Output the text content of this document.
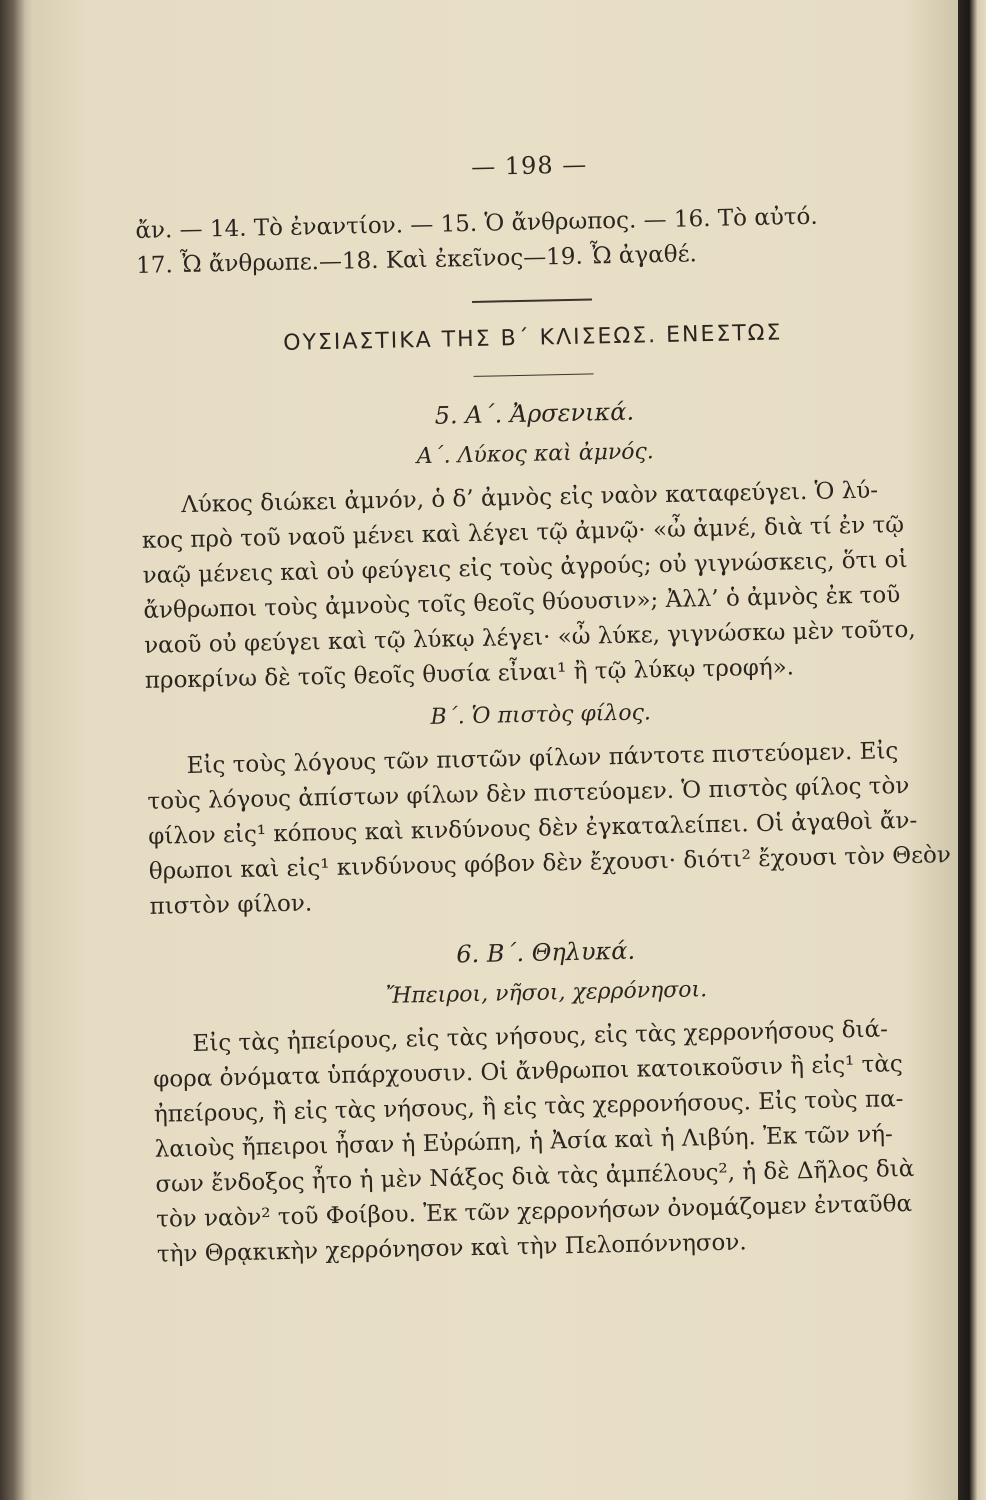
— 198 —
ἄν. — 14. Τὸ ἐναντίον. — 15. Ὁ ἄνθρωπος. — 16. Τὸ αὐτό.
17. Ὦ ἄνθρωπε.—18. Καὶ ἐκεῖνος—19. Ὦ ἀγαθέ.
ΟΥΣΙΑΣΤΙΚΑ ΤΗΣ Β΄ ΚΛΙΣΕΩΣ. ΕΝΕΣΤΩΣ
5. Α΄. Ἀρσενικά.
Α΄. Λύκος καὶ ἀμνός.
Λύκος διώκει ἀμνόν, ὁ δ’ ἀμνὸς εἰς ναὸν καταφεύγει. Ὁ λύ-
κος πρὸ τοῦ ναοῦ μένει καὶ λέγει τῷ ἀμνῷ· «ὦ ἀμνέ, διὰ τί ἐν τῷ
ναῷ μένεις καὶ οὐ φεύγεις εἰς τοὺς ἀγρούς; οὐ γιγνώσκεις, ὅτι οἱ
ἄνθρωποι τοὺς ἀμνοὺς τοῖς θεοῖς θύουσιν»; Ἀλλ’ ὁ ἀμνὸς ἐκ τοῦ
ναοῦ οὐ φεύγει καὶ τῷ λύκῳ λέγει· «ὦ λύκε, γιγνώσκω μὲν τοῦτο,
προκρίνω δὲ τοῖς θεοῖς θυσία εἶναι¹ ἢ τῷ λύκῳ τροφή».
Β΄. Ὁ πιστὸς φίλος.
Εἰς τοὺς λόγους τῶν πιστῶν φίλων πάντοτε πιστεύομεν. Εἰς
τοὺς λόγους ἀπίστων φίλων δὲν πιστεύομεν. Ὁ πιστὸς φίλος τὸν
φίλον εἰς¹ κόπους καὶ κινδύνους δὲν ἐγκαταλείπει. Οἱ ἀγαθοὶ ἄν-
θρωποι καὶ εἰς¹ κινδύνους φόβον δὲν ἔχουσι· διότι² ἔχουσι τὸν Θεὸν
πιστὸν φίλον.
6. Β΄. Θηλυκά.
Ἤπειροι, νῆσοι, χερρόνησοι.
Εἰς τὰς ἠπείρους, εἰς τὰς νήσους, εἰς τὰς χερρονήσους διά-
φορα ὀνόματα ὑπάρχουσιν. Οἱ ἄνθρωποι κατοικοῦσιν ἢ εἰς¹ τὰς
ἠπείρους, ἢ εἰς τὰς νήσους, ἢ εἰς τὰς χερρονήσους. Εἰς τοὺς πα-
λαιοὺς ἤπειροι ἦσαν ἡ Εὐρώπη, ἡ Ἀσία καὶ ἡ Λιβύη. Ἐκ τῶν νή-
σων ἔνδοξος ἦτο ἡ μὲν Νάξος διὰ τὰς ἀμπέλους², ἡ δὲ Δῆλος διὰ
τὸν ναὸν² τοῦ Φοίβου. Ἐκ τῶν χερρονήσων ὀνομάζομεν ἐνταῦθα
τὴν Θρᾳκικὴν χερρόνησον καὶ τὴν Πελοπόννησον.
